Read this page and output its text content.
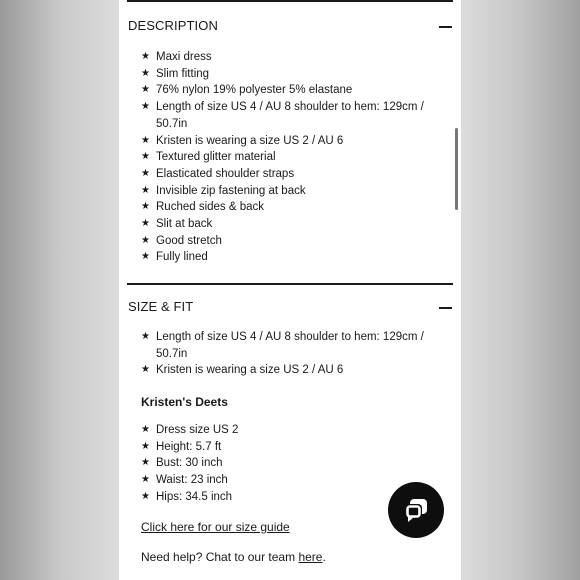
DESCRIPTION
★ Maxi dress
★ Slim fitting
★ 76% nylon 19% polyester 5% elastane
★ Length of size US 4 / AU 8 shoulder to hem: 129cm / 50.7in
★ Kristen is wearing a size US 2 / AU 6
★ Textured glitter material
★ Elasticated shoulder straps
★ Invisible zip fastening at back
★ Ruched sides & back
★ Slit at back
★ Good stretch
★ Fully lined
SIZE & FIT
★ Length of size US 4 / AU 8 shoulder to hem: 129cm / 50.7in
★ Kristen is wearing a size US 2 / AU 6
Kristen's Deets
★ Dress size US 2
★ Height: 5.7 ft
★ Bust: 30 inch
★ Waist: 23 inch
★ Hips: 34.5 inch
Click here for our size guide
Need help? Chat to our team here.
